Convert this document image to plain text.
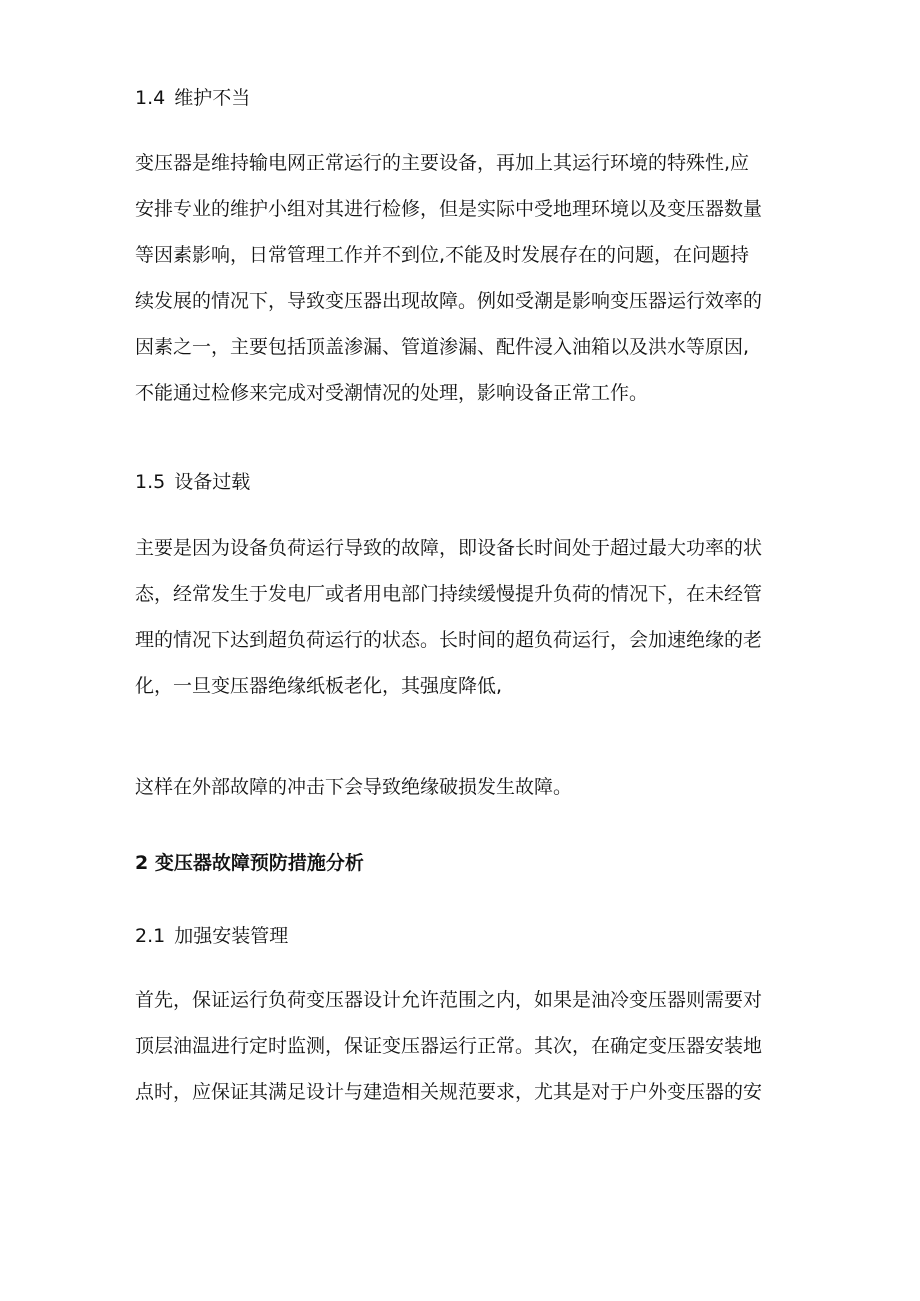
1.4 维护不当
变压器是维持输电网正常运行的主要设备，再加上其运行环境的特殊性,应
安排专业的维护小组对其进行检修，但是实际中受地理环境以及变压器数量
等因素影响，日常管理工作并不到位,不能及时发展存在的问题，在问题持
续发展的情况下，导致变压器出现故障。例如受潮是影响变压器运行效率的
因素之一，主要包括顶盖渗漏、管道渗漏、配件浸入油箱以及洪水等原因,
不能通过检修来完成对受潮情况的处理，影响设备正常工作。
1.5 设备过载
主要是因为设备负荷运行导致的故障，即设备长时间处于超过最大功率的状
态，经常发生于发电厂或者用电部门持续缓慢提升负荷的情况下，在未经管
理的情况下达到超负荷运行的状态。长时间的超负荷运行，会加速绝缘的老
化，一旦变压器绝缘纸板老化，其强度降低,
这样在外部故障的冲击下会导致绝缘破损发生故障。
2 变压器故障预防措施分析
2.1 加强安装管理
首先，保证运行负荷变压器设计允许范围之内，如果是油冷变压器则需要对
顶层油温进行定时监测，保证变压器运行正常。其次，在确定变压器安装地
点时，应保证其满足设计与建造相关规范要求，尤其是对于户外变压器的安
